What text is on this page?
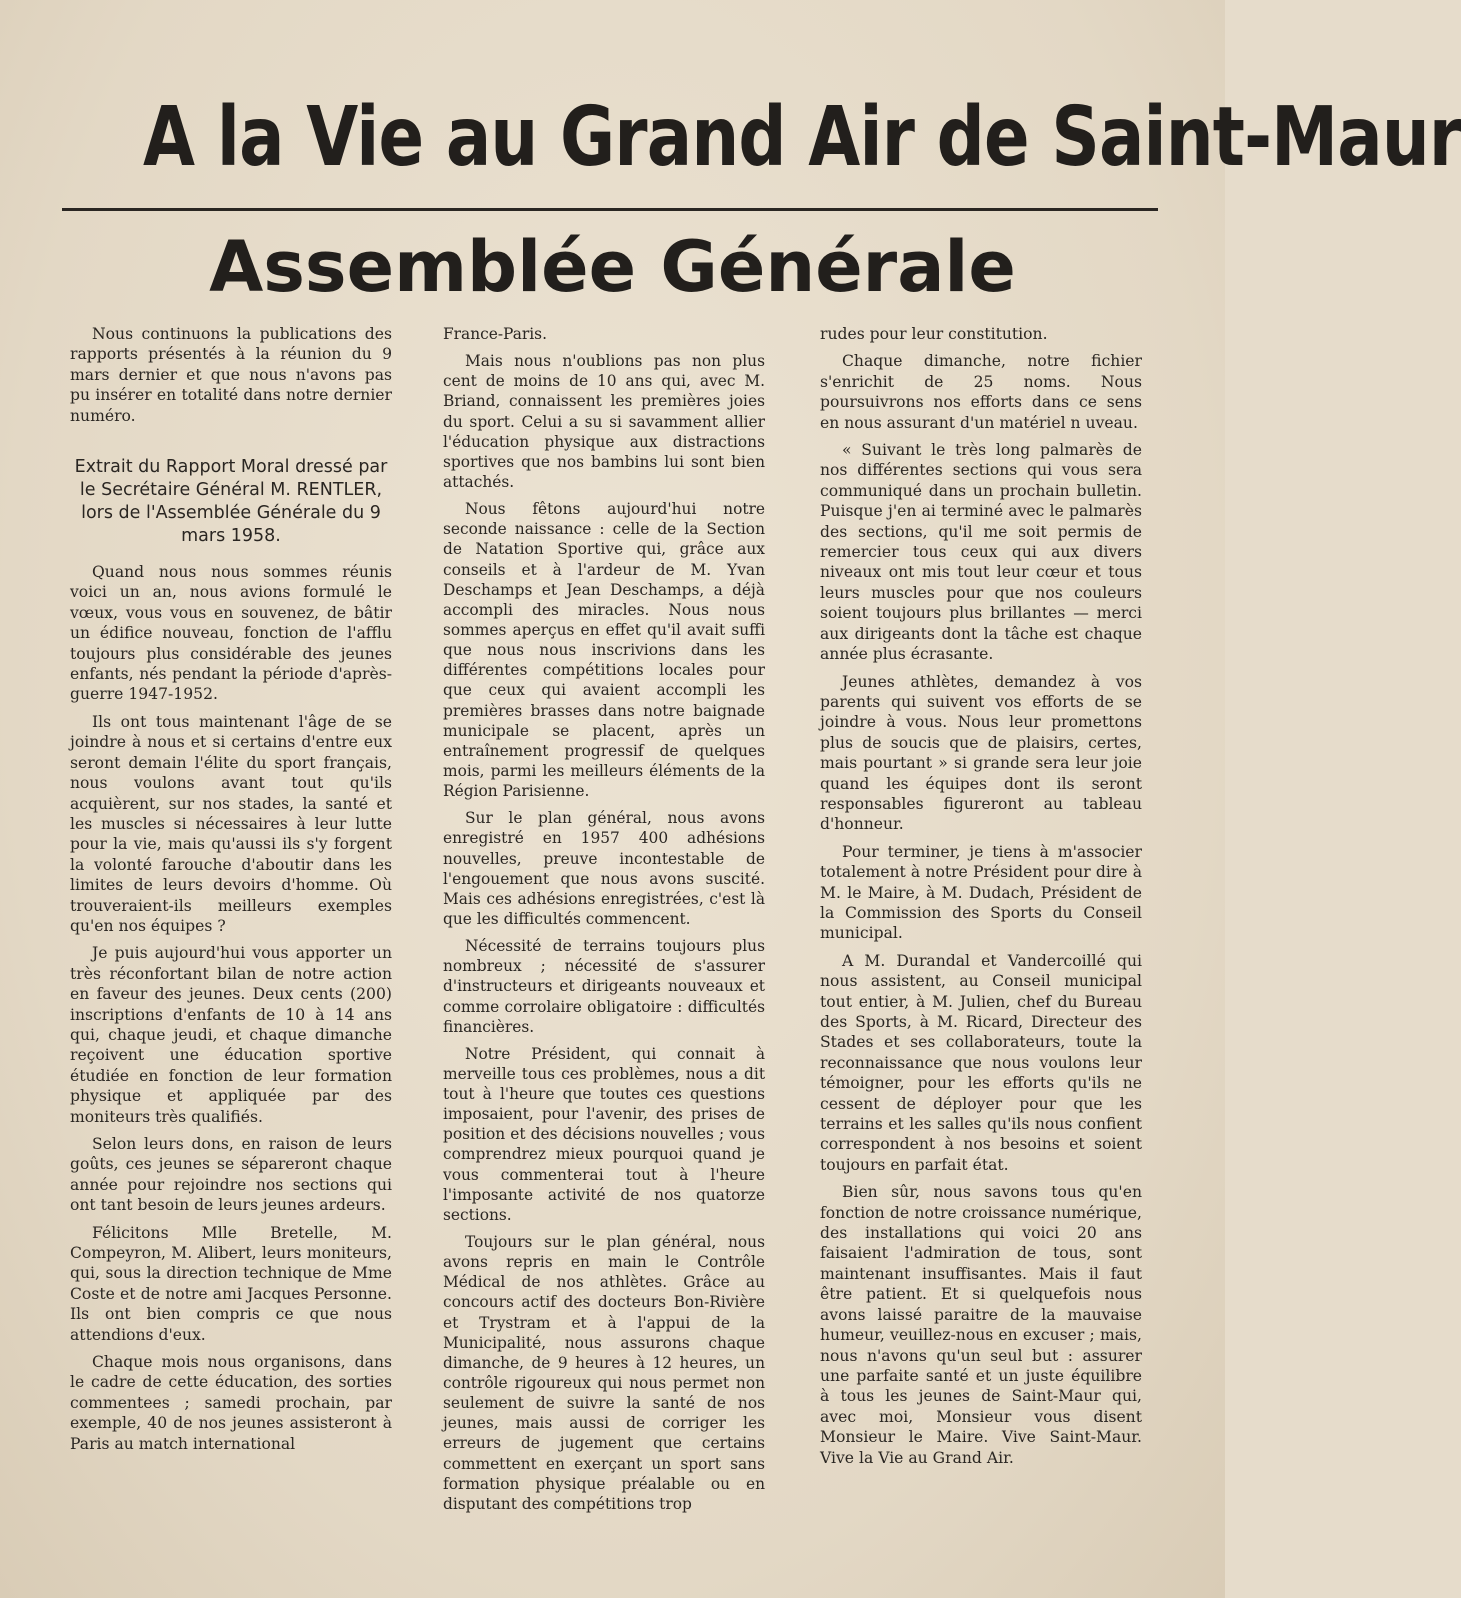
A la Vie au Grand Air de Saint-Maur
Assemblée Générale

Nous continuons la publications des rapports présentés à la réunion du 9 mars dernier et que nous n'avons pas pu insérer en totalité dans notre dernier numéro.

Extrait du Rapport Moral dressé par le Secrétaire Général M. RENTLER, lors de l'Assemblée Générale du 9 mars 1958.

Quand nous nous sommes réunis voici un an, nous avions formulé le vœux, vous vous en souvenez, de bâtir un édifice nouveau, fonction de l'afflu toujours plus considérable des jeunes enfants, nés pendant la période d'après-guerre 1947-1952.

Ils ont tous maintenant l'âge de se joindre à nous et si certains d'entre eux seront demain l'élite du sport français, nous voulons avant tout qu'ils acquièrent, sur nos stades, la santé et les muscles si nécessaires à leur lutte pour la vie, mais qu'aussi ils s'y forgent la volonté farouche d'aboutir dans les limites de leurs devoirs d'homme. Où trouveraient-ils meilleurs exemples qu'en nos équipes ?

Je puis aujourd'hui vous apporter un très réconfortant bilan de notre action en faveur des jeunes. Deux cents (200) inscriptions d'enfants de 10 à 14 ans qui, chaque jeudi, et chaque dimanche reçoivent une éducation sportive étudiée en fonction de leur formation physique et appliquée par des moniteurs très qualifiés.

Selon leurs dons, en raison de leurs goûts, ces jeunes se sépareront chaque année pour rejoindre nos sections qui ont tant besoin de leurs jeunes ardeurs.

Félicitons Mlle Bretelle, M. Compeyron, M. Alibert, leurs moniteurs, qui, sous la direction technique de Mme Coste et de notre ami Jacques Personne. Ils ont bien compris ce que nous attendions d'eux.

Chaque mois nous organisons, dans le cadre de cette éducation, des sorties commentees ; samedi prochain, par exemple, 40 de nos jeunes assisteront à Paris au match international

France-Paris.

Mais nous n'oublions pas non plus cent de moins de 10 ans qui, avec M. Briand, connaissent les premières joies du sport. Celui a su si savamment allier l'éducation physique aux distractions sportives que nos bambins lui sont bien attachés.

Nous fêtons aujourd'hui notre seconde naissance : celle de la Section de Natation Sportive qui, grâce aux conseils et à l'ardeur de M. Yvan Deschamps et Jean Deschamps, a déjà accompli des miracles. Nous nous sommes aperçus en effet qu'il avait suffi que nous nous inscrivions dans les différentes compétitions locales pour que ceux qui avaient accompli les premières brasses dans notre baignade municipale se placent, après un entraînement progressif de quelques mois, parmi les meilleurs éléments de la Région Parisienne.

Sur le plan général, nous avons enregistré en 1957 400 adhésions nouvelles, preuve incontestable de l'engouement que nous avons suscité. Mais ces adhésions enregistrées, c'est là que les difficultés commencent.

Nécessité de terrains toujours plus nombreux ; nécessité de s'assurer d'instructeurs et dirigeants nouveaux et comme corrolaire obligatoire : difficultés financières.

Notre Président, qui connait à merveille tous ces problèmes, nous a dit tout à l'heure que toutes ces questions imposaient, pour l'avenir, des prises de position et des décisions nouvelles ; vous comprendrez mieux pourquoi quand je vous commenterai tout à l'heure l'imposante activité de nos quatorze sections.

Toujours sur le plan général, nous avons repris en main le Contrôle Médical de nos athlètes. Grâce au concours actif des docteurs Bon-Rivière et Trystram et à l'appui de la Municipalité, nous assurons chaque dimanche, de 9 heures à 12 heures, un contrôle rigoureux qui nous permet non seulement de suivre la santé de nos jeunes, mais aussi de corriger les erreurs de jugement que certains commettent en exerçant un sport sans formation physique préalable ou en disputant des compétitions trop

rudes pour leur constitution.

Chaque dimanche, notre fichier s'enrichit de 25 noms. Nous poursuivrons nos efforts dans ce sens en nous assurant d'un matériel n uveau.

« Suivant le très long palmarès de nos différentes sections qui vous sera communiqué dans un prochain bulletin. Puisque j'en ai terminé avec le palmarès des sections, qu'il me soit permis de remercier tous ceux qui aux divers niveaux ont mis tout leur cœur et tous leurs muscles pour que nos couleurs soient toujours plus brillantes — merci aux dirigeants dont la tâche est chaque année plus écrasante.

Jeunes athlètes, demandez à vos parents qui suivent vos efforts de se joindre à vous. Nous leur promettons plus de soucis que de plaisirs, certes, mais pourtant » si grande sera leur joie quand les équipes dont ils seront responsables figureront au tableau d'honneur.

Pour terminer, je tiens à m'associer totalement à notre Président pour dire à M. le Maire, à M. Dudach, Président de la Commission des Sports du Conseil municipal.

A M. Durandal et Vandercoillé qui nous assistent, au Conseil municipal tout entier, à M. Julien, chef du Bureau des Sports, à M. Ricard, Directeur des Stades et ses collaborateurs, toute la reconnaissance que nous voulons leur témoigner, pour les efforts qu'ils ne cessent de déployer pour que les terrains et les salles qu'ils nous confient correspondent à nos besoins et soient toujours en parfait état.

Bien sûr, nous savons tous qu'en fonction de notre croissance numérique, des installations qui voici 20 ans faisaient l'admiration de tous, sont maintenant insuffisantes. Mais il faut être patient. Et si quelquefois nous avons laissé paraitre de la mauvaise humeur, veuillez-nous en excuser ; mais, nous n'avons qu'un seul but : assurer une parfaite santé et un juste équilibre à tous les jeunes de Saint-Maur qui, avec moi, Monsieur vous disent Monsieur le Maire. Vive Saint-Maur. Vive la Vie au Grand Air.
